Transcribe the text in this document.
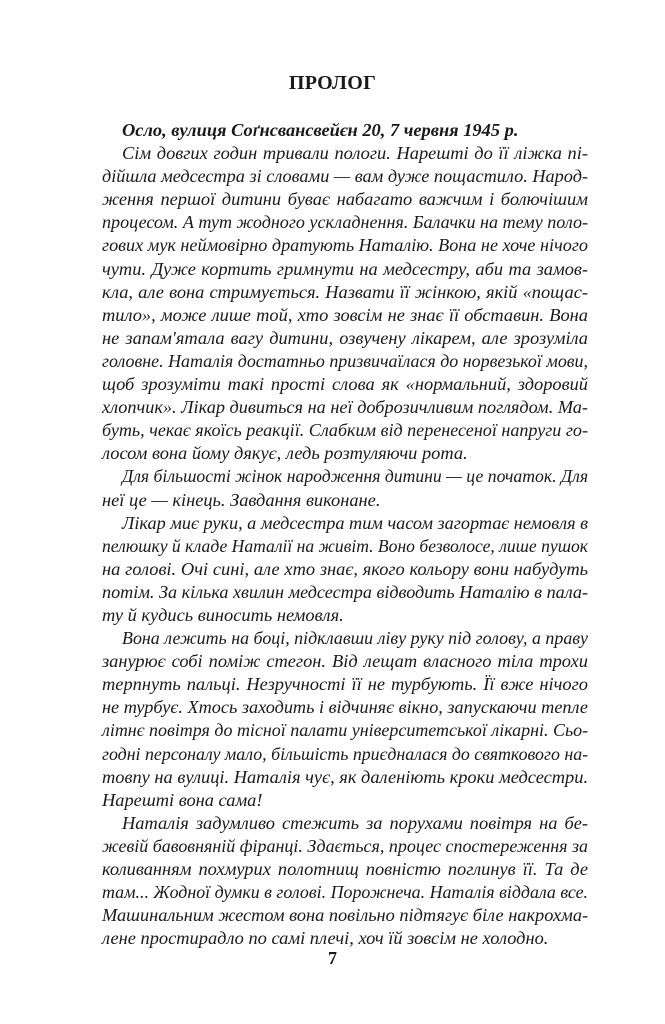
ПРОЛОГ
Осло, вулиця Соґнсвансвейєн 20, 7 червня 1945 р.
Сім довгих годин тривали пологи. Нарешті до її ліжка пі-
дійшла медсестра зі словами — вам дуже пощастило. Народ-
ження першої дитини буває набагато важчим і болючішим
процесом. А тут жодного ускладнення. Балачки на тему поло-
гових мук неймовірно дратують Наталію. Вона не хоче нічого
чути. Дуже кортить гримнути на медсестру, аби та замов-
кла, але вона стримується. Назвати її жінкою, якій «пощас-
тило», може лише той, хто зовсім не знає її обставин. Вона
не запам'ятала вагу дитини, озвучену лікарем, але зрозуміла
головне. Наталія достатньо призвичаїлася до норвезької мови,
щоб зрозуміти такі прості слова як «нормальний, здоровий
хлопчик». Лікар дивиться на неї доброзичливим поглядом. Ма-
буть, чекає якоїсь реакції. Слабким від перенесеної напруги го-
лосом вона йому дякує, ледь розтуляючи рота.
Для більшості жінок народження дитини — це початок. Для
неї це — кінець. Завдання виконане.
Лікар миє руки, а медсестра тим часом загортає немовля в
пелюшку й кладе Наталії на живіт. Воно безволосе, лише пушок
на голові. Очі сині, але хто знає, якого кольору вони набудуть
потім. За кілька хвилин медсестра відводить Наталію в пала-
ту й кудись виносить немовля.
Вона лежить на боці, підклавши ліву руку під голову, а праву
занурює собі поміж стегон. Від лещат власного тіла трохи
терпнуть пальці. Незручності її не турбують. Її вже нічого
не турбує. Хтось заходить і відчиняє вікно, запускаючи тепле
літнє повітря до тісної палати університетської лікарні. Сьо-
годні персоналу мало, більшість приєдналася до святкового на-
товпу на вулиці. Наталія чує, як даленіють кроки медсестри.
Нарешті вона сама!
Наталія задумливо стежить за порухами повітря на бе-
жевій бавовняній фіранці. Здається, процес спостереження за
коливанням похмурих полотнищ повністю поглинув її. Та де
там... Жодної думки в голові. Порожнеча. Наталія віддала все.
Машинальним жестом вона повільно підтягує біле накрохма-
лене простирадло по самі плечі, хоч їй зовсім не холодно.
7
